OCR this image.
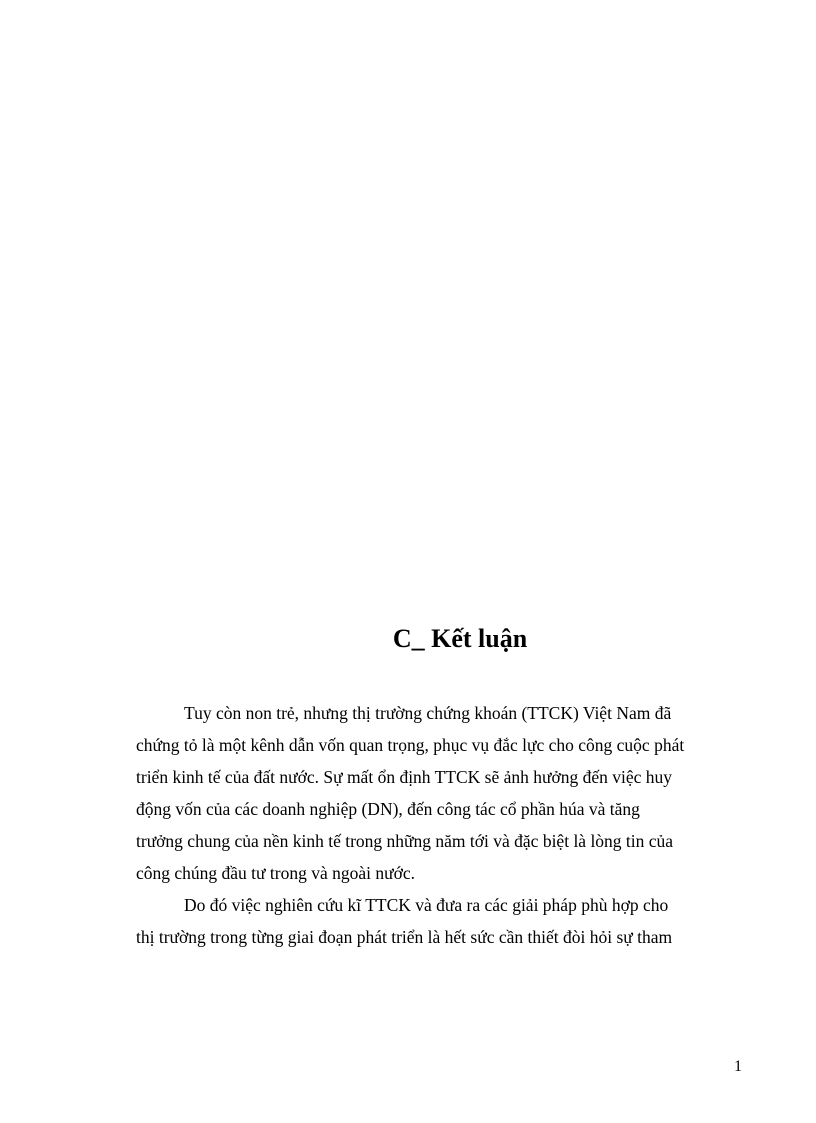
C_ Kết luận
Tuy còn non trẻ, nhưng thị trường chứng khoán (TTCK) Việt Nam đã
chứng tỏ là một kênh dẫn vốn quan trọng, phục vụ đắc lực cho công cuộc phát
triển kinh tế của đất nước. Sự mất ổn định TTCK sẽ ảnh hưởng đến việc huy
động vốn của các doanh nghiệp (DN), đến công tác cổ phần húa và tăng
trưởng chung của nền kinh tế trong những năm tới và đặc biệt là lòng tin của
công chúng đầu tư trong và ngoài nước.
Do đó việc nghiên cứu kĩ TTCK và đưa ra các giải pháp phù hợp cho
thị trường trong từng giai đoạn phát triển là hết sức cần thiết đòi hỏi sự tham

1
